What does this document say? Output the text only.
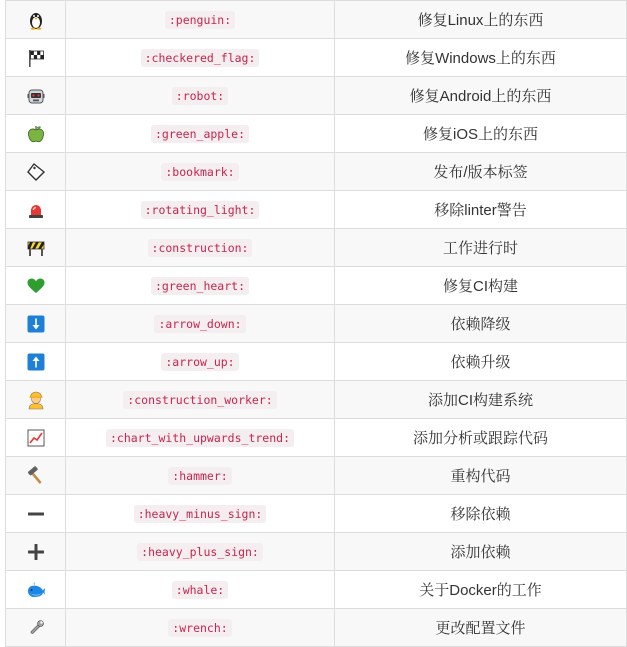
	:penguin:	修复Linux上的东西

	:checkered_flag:	修复Windows上的东西

	:robot:	修复Android上的东西

	:green_apple:	修复iOS上的东西

	:bookmark:	发布/版本标签

	:rotating_light:	移除linter警告

	:construction:	工作进行时

	:green_heart:	修复CI构建

	:arrow_down:	依赖降级

	:arrow_up:	依赖升级

	:construction_worker:	添加CI构建系统

	:chart_with_upwards_trend:	添加分析或跟踪代码

	:hammer:	重构代码

	:heavy_minus_sign:	移除依赖

	:heavy_plus_sign:	添加依赖

	:whale:	关于Docker的工作

	:wrench:	更改配置文件
